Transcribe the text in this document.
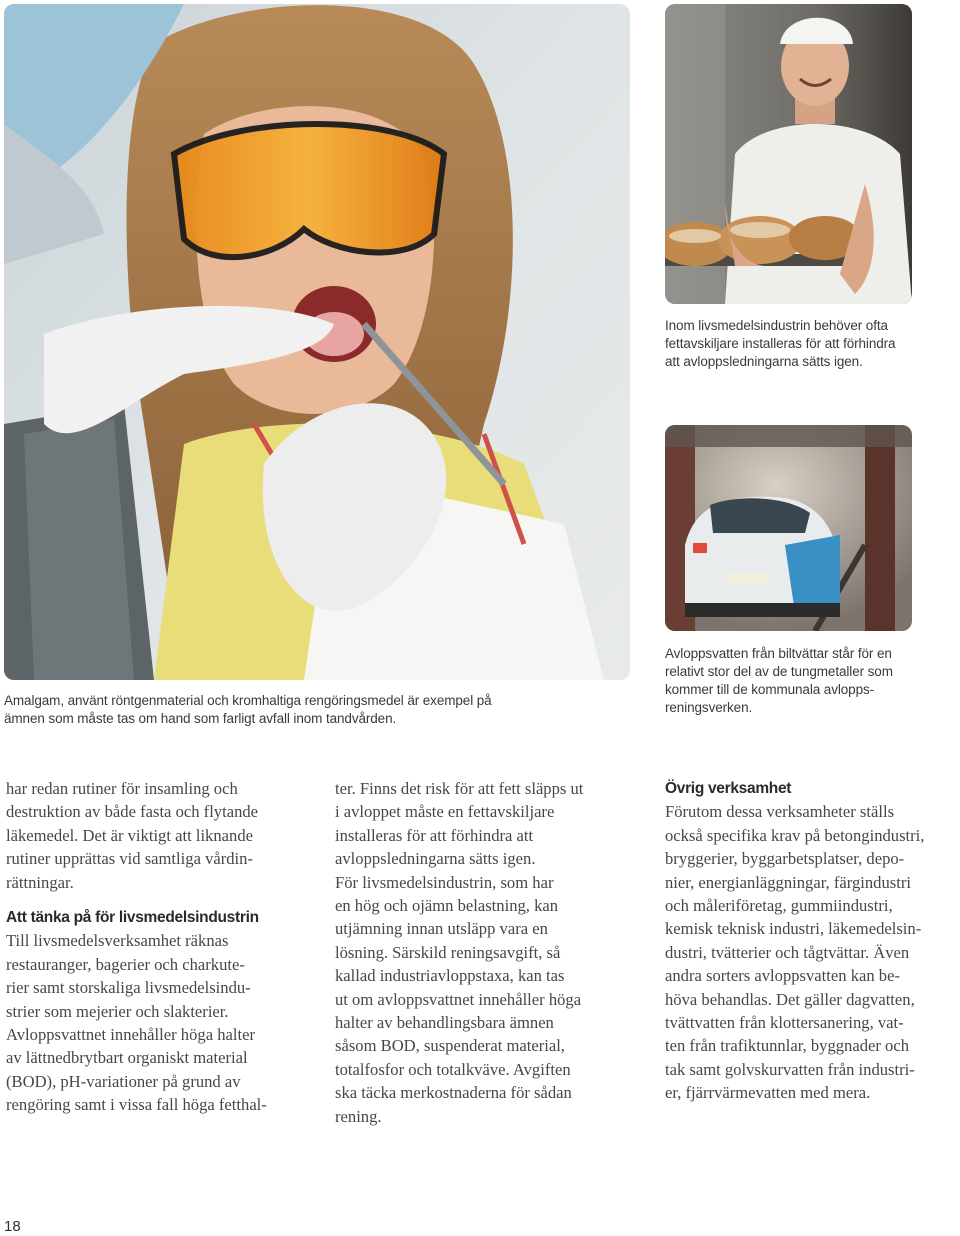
Inom livsmedelsindustrin behöver ofta
fettavskiljare installeras för att förhindra
att avloppsledningarna sätts igen.
Avloppsvatten från biltvättar står för en
relativt stor del av de tungmetaller som
kommer till de kommunala avlopps-
reningsverken.
Amalgam, använt röntgenmaterial och kromhaltiga rengöringsmedel är exempel på
ämnen som måste tas om hand som farligt avfall inom tandvården.
har redan rutiner för insamling och
destruktion av både fasta och flytande
läkemedel. Det är viktigt att liknande
rutiner upprättas vid samtliga vårdin-
rättningar.
Att tänka på för livsmedelsindustrin
Till livsmedelsverksamhet räknas
restauranger, bagerier och charkute-
rier samt storskaliga livsmedelsindu-
strier som mejerier och slakterier.
Avloppsvattnet innehåller höga halter
av lättnedbrytbart organiskt material
(BOD), pH-variationer på grund av
rengöring samt i vissa fall höga fetthal-
ter. Finns det risk för att fett släpps ut
i avloppet måste en fettavskiljare
installeras för att förhindra att
avloppsledningarna sätts igen.
För livsmedelsindustrin, som har
en hög och ojämn belastning, kan
utjämning innan utsläpp vara en
lösning. Särskild reningsavgift, så
kallad industriavloppstaxa, kan tas
ut om avloppsvattnet innehåller höga
halter av behandlingsbara ämnen
såsom BOD, suspenderat material,
totalfosfor och totalkväve. Avgiften
ska täcka merkostnaderna för sådan
rening.
Övrig verksamhet
Förutom dessa verksamheter ställs
också specifika krav på betongindustri,
bryggerier, byggarbetsplatser, depo-
nier, energianläggningar, färgindustri
och måleriföretag, gummiindustri,
kemisk teknisk industri, läkemedelsin-
dustri, tvätterier och tågtvättar. Även
andra sorters avloppsvatten kan be-
höva behandlas. Det gäller dagvatten,
tvättvatten från klottersanering, vat-
ten från trafiktunnlar, byggnader och
tak samt golvskurvatten från industri-
er, fjärrvärmevatten med mera.
18
